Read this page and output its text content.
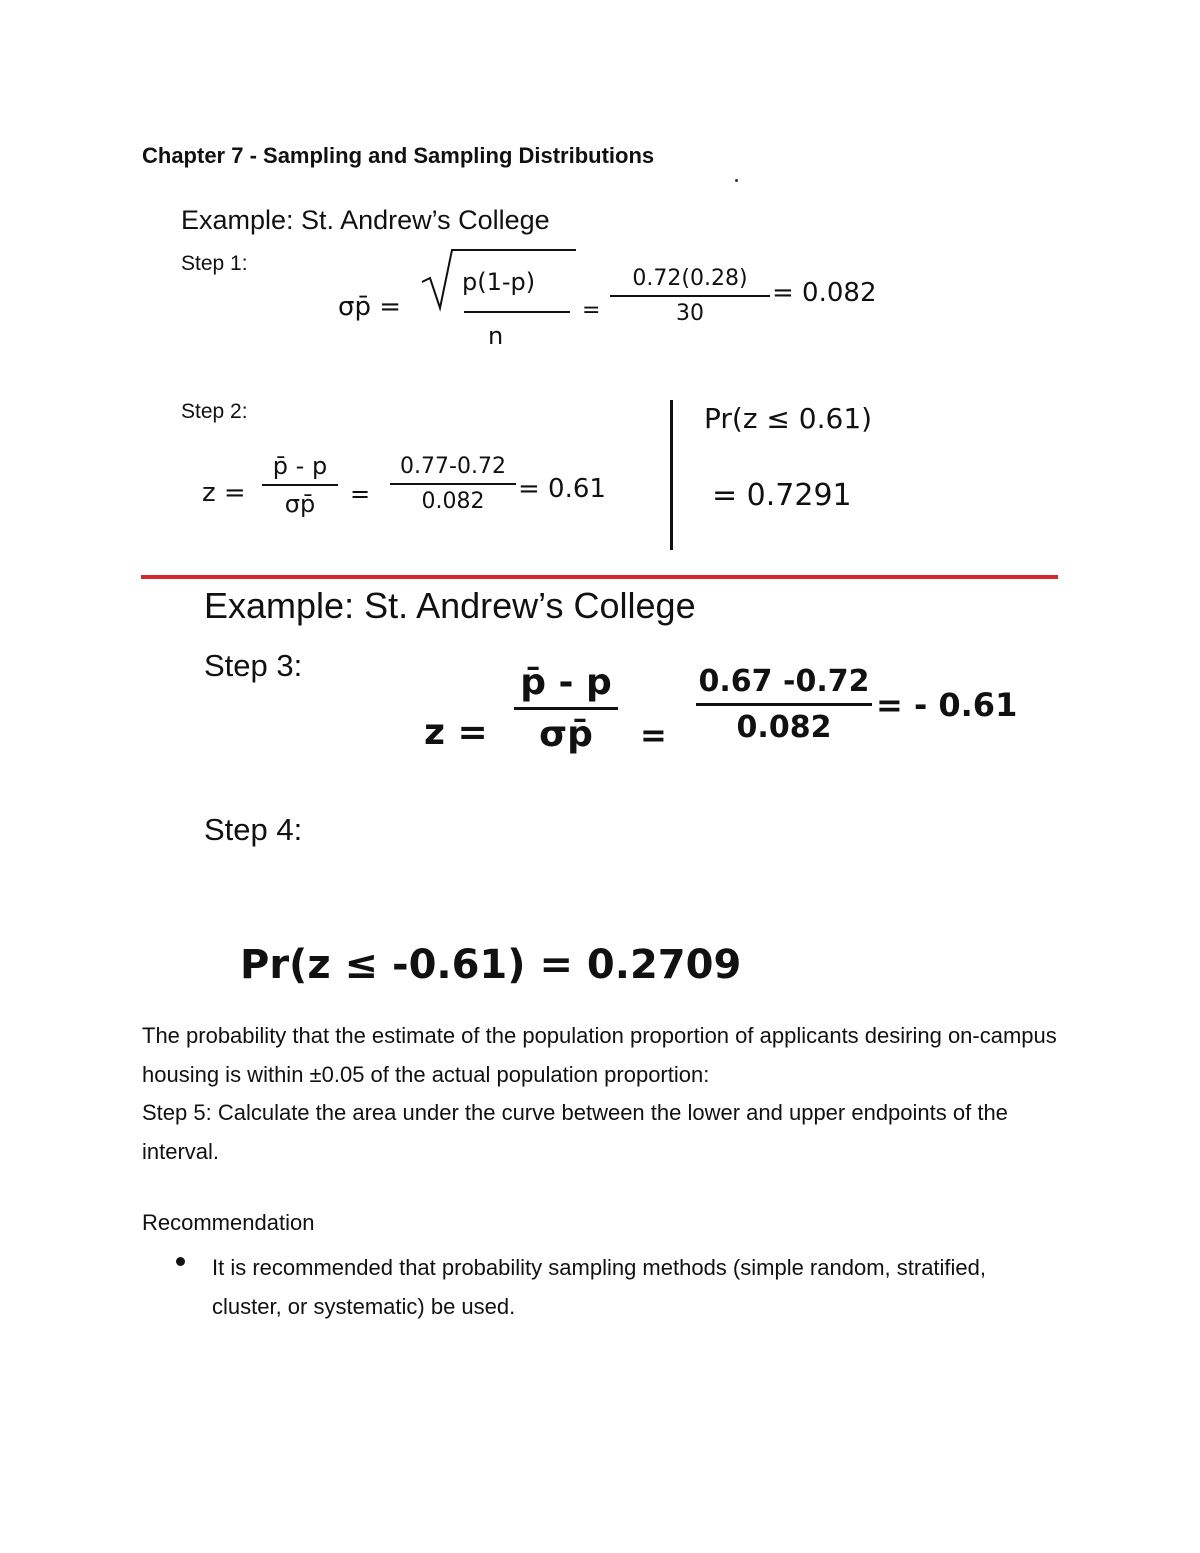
Chapter 7 - Sampling and Sampling Distributions
Example: St. Andrew’s College
Step 1:
σp̄ =
p(1-p)
n
=
0.72(0.28)
30
= 0.082
Step 2:
z =
p̄ - p
σp̄	=
0.77-0.72
0.082	= 0.61
Pr(z ≤ 0.61)
= 0.7291
Example: St. Andrew’s College
Step 3:
z =
p̄ - p
σp̄	=
0.67 -0.72
0.082
= - 0.61
Step 4:
Pr(z ≤ -0.61) = 0.2709

The probability that the estimate of the population proportion of applicants desiring on-campus housing is within ±0.05 of the actual population proportion:

Step 5: Calculate the area under the curve between the lower and upper endpoints of the interval.

Recommendation
It is recommended that probability sampling methods (simple random, stratified, cluster, or systematic) be used.
